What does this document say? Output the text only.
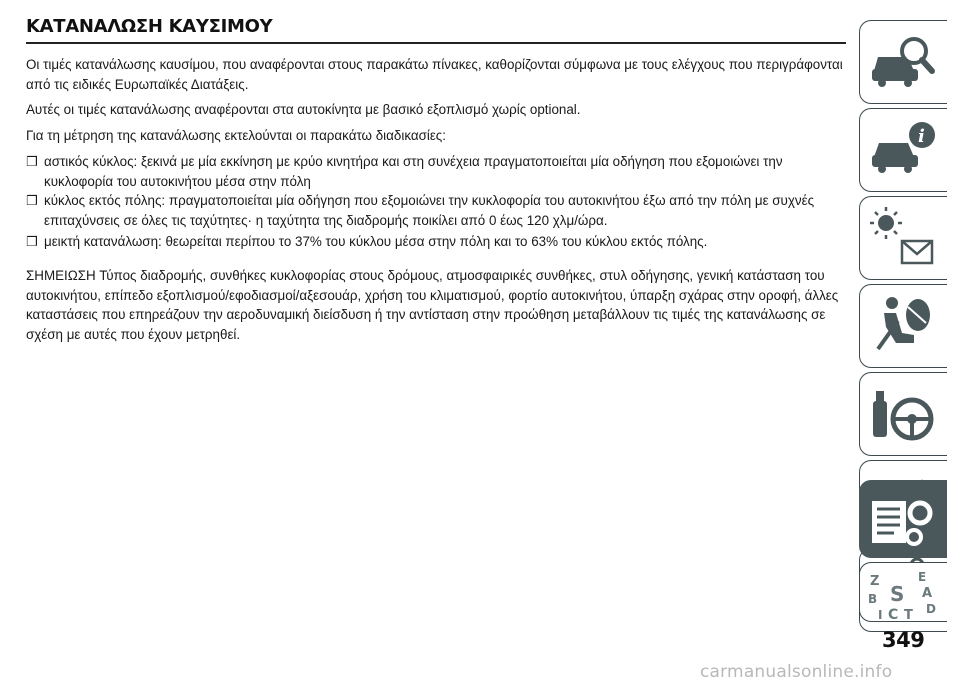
ΚΑΤΑΝΑΛΩΣΗ ΚΑΥΣΙΜΟΥ

Οι τιμές κατανάλωσης καυσίμου, που αναφέρονται στους παρακάτω πίνακες, καθορίζονται σύμφωνα με τους ελέγχους που περιγράφονται από τις ειδικές Ευρωπαϊκές Διατάξεις.

Αυτές οι τιμές κατανάλωσης αναφέρονται στα αυτοκίνητα με βασικό εξοπλισμό χωρίς optional.

Για τη μέτρηση της κατανάλωσης εκτελούνται οι παρακάτω διαδικασίες:

❒ αστικός κύκλος: ξεκινά με μία εκκίνηση με κρύο κινητήρα και στη συνέχεια πραγματοποιείται μία οδήγηση που εξομοιώνει την κυκλοφορία του αυτοκινήτου μέσα στην πόλη
❒ κύκλος εκτός πόλης: πραγματοποιείται μία οδήγηση που εξομοιώνει την κυκλοφορία του αυτοκινήτου έξω από την πόλη με συχνές επιταχύνσεις σε όλες τις ταχύτητες· η ταχύτητα της διαδρομής ποικίλει από 0 έως 120 χλμ/ώρα.
❒ μεικτή κατανάλωση: θεωρείται περίπου το 37% του κύκλου μέσα στην πόλη και το 63% του κύκλου εκτός πόλης.

ΣΗΜΕΙΩΣΗ Τύπος διαδρομής, συνθήκες κυκλοφορίας στους δρόμους, ατμοσφαιρικές συνθήκες, στυλ οδήγησης, γενική κατάσταση του αυτοκινήτου, επίπεδο εξοπλισμού/εφοδιασμοί/αξεσουάρ, χρήση του κλιματισμού, φορτίο αυτοκινήτου, ύπαρξη σχάρας στην οροφή, άλλες καταστάσεις που επηρεάζουν την αεροδυναμική διείσδυση ή την αντίσταση στην προώθηση μεταβάλλουν τις τιμές της κατανάλωσης σε σχέση με αυτές που έχουν μετρηθεί.

i
Z	E
A
B S
D
I C T
349
carmanualsonline.info
